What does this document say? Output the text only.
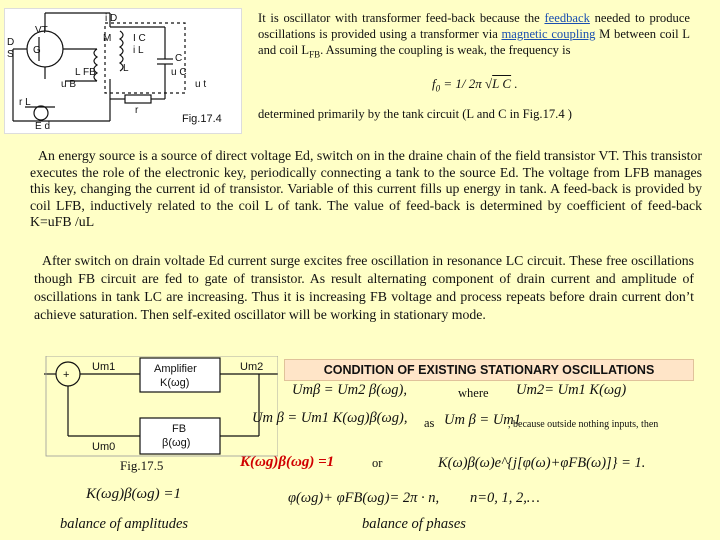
D
S
VT
G
M
L
C
L FB
u B
u C
i D
I C
i L
u t
E d
r
r L
Fig.17.4
It is oscillator with transformer feed-back because the feedback needed to produce oscillations is provided using a transformer via magnetic coupling M between coil L and coil $L_{FB}$. Assuming the coupling is weak, the frequency is
$f_0 = 1/$ 2π √L C .
determined primarily by the tank circuit (L and C in Fig.17.4 )
An energy source is a source of direct voltage Ed, switch on in the draine chain of the field transistor VT. This transistor executes the role of the electronic key, periodically connecting a tank to the source Ed. The voltage from LFB manages this key, changing the current id of transistor. Variable of this current fills up energy in tank. A feed-back is provided by coil LFB, inductively related to the coil L of tank. The value of feed-back is determined by coefficient of feed-back K=uFB /uL
After switch on drain voltade Ed current surge excites free oscillation in resonance LC circuit. These free oscillations though FB circuit are fed to gate of transistor. As result alternating component of drain current and amplitude of oscillations in tank LC are increasing. Thus it is increasing FB voltage and process repeats before drain current don’t achieve saturation. Then self-exited oscillator will be working in stationary mode.
CONDITION OF EXISTING STATIONARY OSCILLATIONS
+
Um1	Um2
Um0
Amplifier
K(ωg)
FB
β(ωg)
Fig.17.5
Umβ = Um2 β(ωg),	where Um2= Um1 K(ωg)
Um β = Um1 K(ωg)β(ωg), as Um β = Um1
, because outside nothing inputs, then
K(ωg)β(ωg) =1	or	K(ω)β(ω)e^{j[φ(ω)+φFB(ω)]} = 1.
K(ωg)β(ωg) =1	φ(ωg)+ φFB(ωg)= 2π · n, n=0, 1, 2,…
balance of amplitudes	balance of phases
